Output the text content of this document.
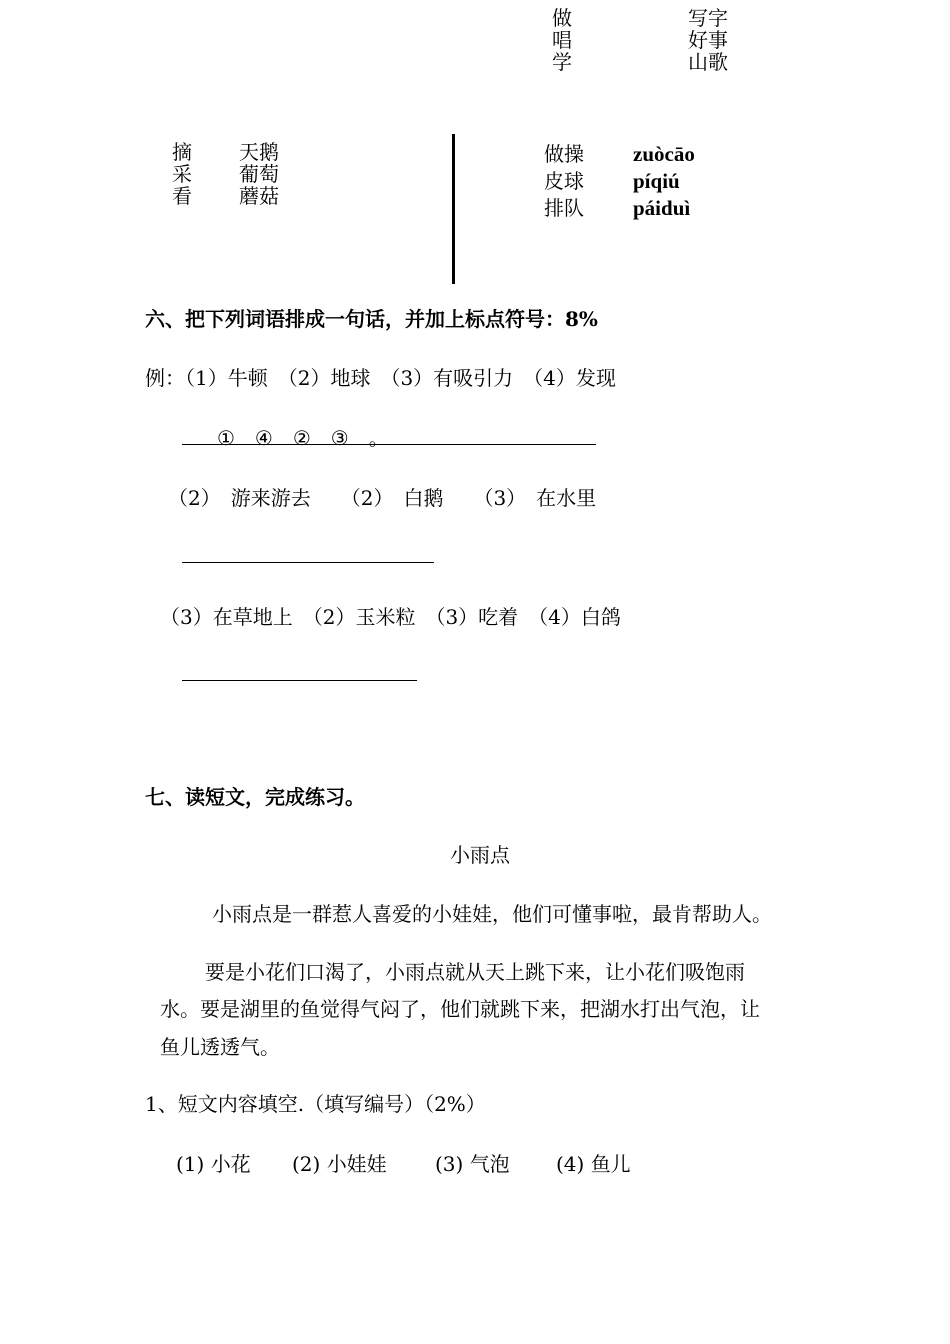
做
唱
学
写字
好事
山歌
摘
采
看
天鹅
葡萄
蘑菇
做操
皮球
排队
zuòcāo
píqiú
páiduì
六、把下列词语排成一句话，并加上标点符号：8%
例：（1）牛顿　（2）地球　（3）有吸引力　（4）发现
①　④　②　③　。
（2）　游来游去　　（2）　白鹅　　（3）　在水里
（3）在草地上　（2）玉米粒　（3）吃着　（4）白鸽
七、读短文，完成练习。
小雨点
小雨点是一群惹人喜爱的小娃娃，他们可懂事啦，最肯帮助人。
要是小花们口渴了，小雨点就从天上跳下来，让小花们吸饱雨
水。要是湖里的鱼觉得气闷了，他们就跳下来，把湖水打出气泡，让
鱼儿透透气。
1、短文内容填空.（填写编号）（2%）
(1) 小花 (2) 小娃娃 (3) 气泡 (4) 鱼儿
